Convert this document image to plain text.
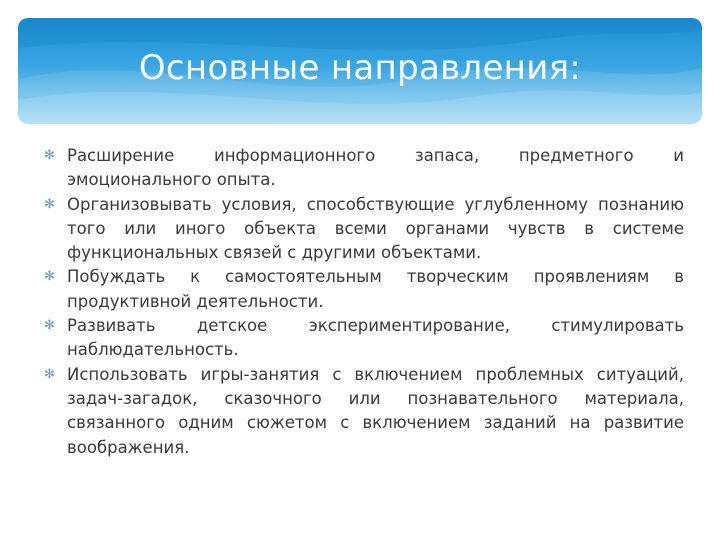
Основные направления:
✻ Расширение информационного запаса, предметного и эмоционального опыта.
✻ Организовывать условия, способствующие углубленному познанию того или иного объекта всеми органами чувств в системе функциональных связей с другими объектами.
✻ Побуждать к самостоятельным творческим проявлениям в продуктивной деятельности.
✻ Развивать детское экспериментирование, стимулировать наблюдательность.
✻ Использовать игры-занятия с включением проблемных ситуаций, задач-загадок, сказочного или познавательного материала, связанного одним сюжетом с включением заданий на развитие воображения.
